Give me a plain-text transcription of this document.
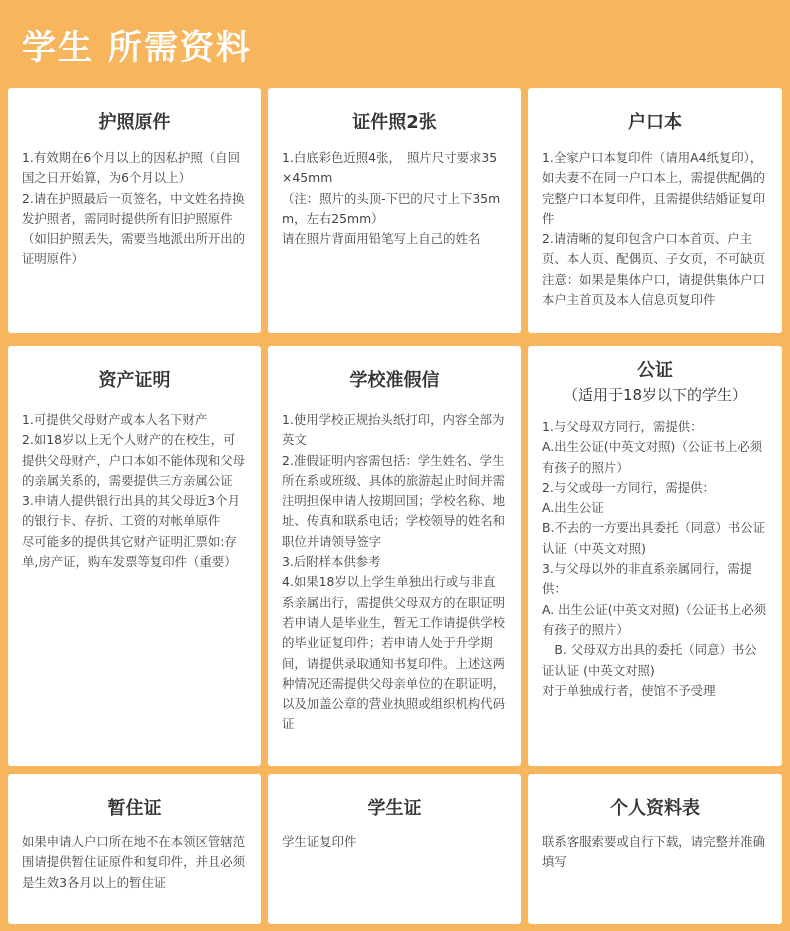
学生 所需资料
护照原件

1.有效期在6个月以上的因私护照（自回国之日开始算，为6个月以上）

2.请在护照最后一页签名，中文姓名持换发护照者，需同时提供所有旧护照原件（如旧护照丢失，需要当地派出所开出的证明原件）

证件照2张

1.白底彩色近照4张，　照片尺寸要求35×45mm

（注：照片的头顶-下巴的尺寸上下35mm，左右25mm）

请在照片背面用铅笔写上自己的姓名

户口本

1.全家户口本复印件（请用A4纸复印），如夫妻不在同一户口本上，需提供配偶的完整户口本复印件，且需提供结婚证复印件

2.请清晰的复印包含户口本首页、户主页、本人页、配偶页、子女页，不可缺页

注意：如果是集体户口，请提供集体户口本户主首页及本人信息页复印件

资产证明

1.可提供父母财产或本人名下财产

2.如18岁以上无个人财产的在校生，可提供父母财产，户口本如不能体现和父母的亲属关系的，需要提供三方亲属公证

3.申请人提供银行出具的其父母近3个月的银行卡、存折、工资的对帐单原件

尽可能多的提供其它财产证明汇票如:存单,房产证，购车发票等复印件（重要）

学校准假信

1.使用学校正规抬头纸打印，内容全部为英文

2.准假证明内容需包括：学生姓名、学生所在系或班级、具体的旅游起止时间并需注明担保申请人按期回国；学校名称、地址、传真和联系电话；学校领导的姓名和职位并请领导签字

3.后附样本供参考

4.如果18岁以上学生单独出行或与非直系亲属出行，需提供父母双方的在职证明

若申请人是毕业生，暂无工作请提供学校的毕业证复印件；若申请人处于升学期间，请提供录取通知书复印件。上述这两种情况还需提供父母亲单位的在职证明，以及加盖公章的营业执照或组织机构代码证

公证
（适用于18岁以下的学生）

1.与父母双方同行，需提供：

A.出生公证(中英文对照)（公证书上必须有孩子的照片）

2.与父或母一方同行，需提供：

A.出生公证

B.不去的一方要出具委托（同意）书公证认证（中英文对照)

3.与父母以外的非直系亲属同行，需提供：

A. 出生公证(中英文对照)（公证书上必须有孩子的照片）

　B. 父母双方出具的委托（同意）书公证认证 (中英文对照)

对于单独成行者，使馆不予受理

暂住证

如果申请人户口所在地不在本领区管辖范围请提供暂住证原件和复印件，并且必须是生效3各月以上的暂住证

学生证

学生证复印件

个人资料表

联系客服索要或自行下载，请完整并准确填写
